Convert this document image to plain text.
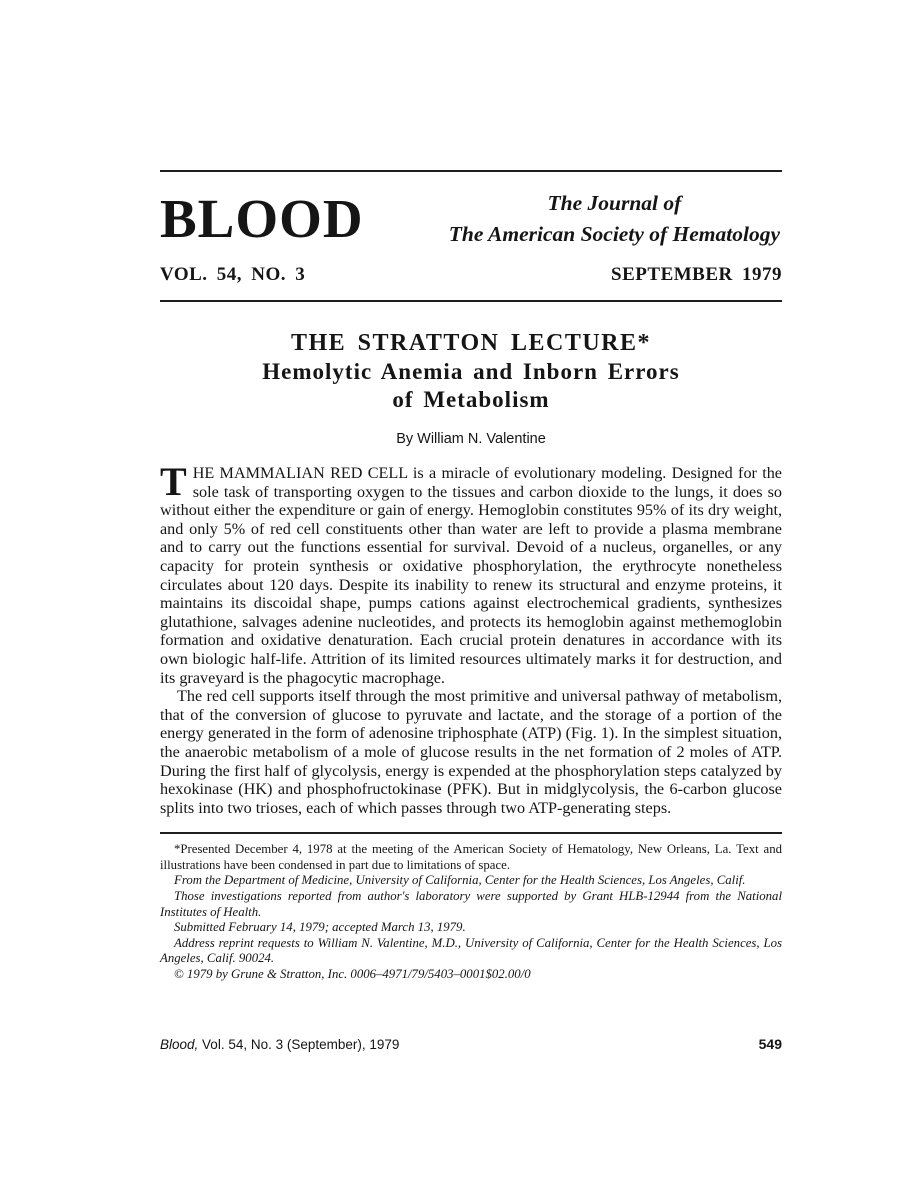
BLOOD	The Journal of
The American Society of Hematology
VOL. 54, NO. 3	SEPTEMBER 1979
THE STRATTON LECTURE*
Hemolytic Anemia and Inborn Errors
of Metabolism
By William N. Valentine

THE MAMMALIAN RED CELL is a miracle of evolutionary modeling. Designed for the sole task of transporting oxygen to the tissues and carbon dioxide to the lungs, it does so without either the expenditure or gain of energy. Hemoglobin constitutes 95% of its dry weight, and only 5% of red cell constituents other than water are left to provide a plasma membrane and to carry out the functions essential for survival. Devoid of a nucleus, organelles, or any capacity for protein synthesis or oxidative phosphorylation, the erythrocyte nonetheless circulates about 120 days. Despite its inability to renew its structural and enzyme proteins, it maintains its discoidal shape, pumps cations against electrochemical gradients, synthesizes glutathione, salvages adenine nucleotides, and protects its hemoglobin against methemoglobin formation and oxidative denaturation. Each crucial protein denatures in accordance with its own biologic half-life. Attrition of its limited resources ultimately marks it for destruction, and its graveyard is the phagocytic macrophage.

The red cell supports itself through the most primitive and universal pathway of metabolism, that of the conversion of glucose to pyruvate and lactate, and the storage of a portion of the energy generated in the form of adenosine triphosphate (ATP) (Fig. 1). In the simplest situation, the anaerobic metabolism of a mole of glucose results in the net formation of 2 moles of ATP. During the first half of glycolysis, energy is expended at the phosphorylation steps catalyzed by hexokinase (HK) and phosphofructokinase (PFK). But in midglycolysis, the 6-carbon glucose splits into two trioses, each of which passes through two ATP-generating steps.

*Presented December 4, 1978 at the meeting of the American Society of Hematology, New Orleans, La. Text and illustrations have been condensed in part due to limitations of space.

From the Department of Medicine, University of California, Center for the Health Sciences, Los Angeles, Calif.

Those investigations reported from author's laboratory were supported by Grant HLB-12944 from the National Institutes of Health.

Submitted February 14, 1979; accepted March 13, 1979.

Address reprint requests to William N. Valentine, M.D., University of California, Center for the Health Sciences, Los Angeles, Calif. 90024.

© 1979 by Grune & Stratton, Inc. 0006–4971/79/5403–0001$02.00/0

Blood, Vol. 54, No. 3 (September), 1979	549
